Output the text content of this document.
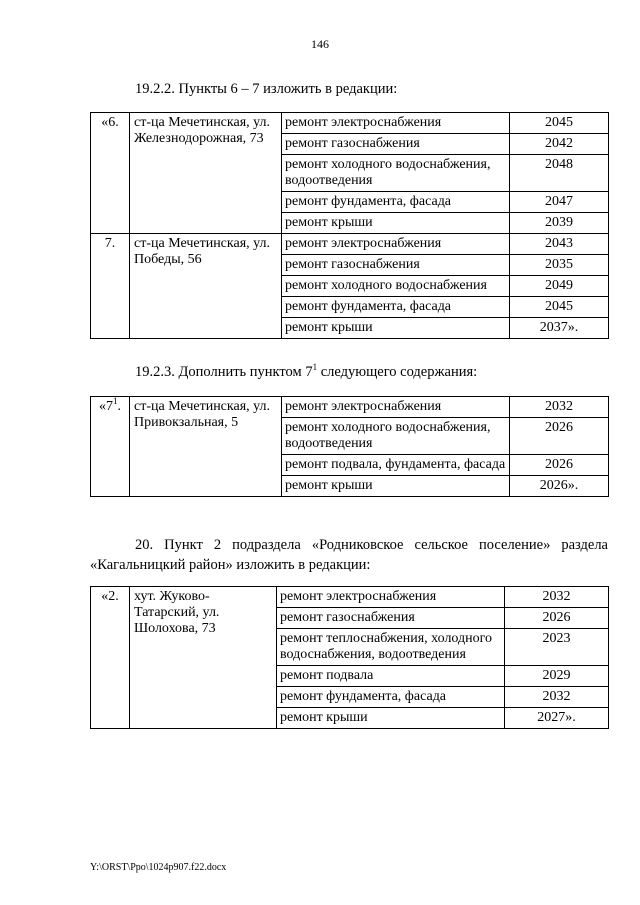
146
19.2.2. Пункты 6 – 7 изложить в редакции:
«6.	ст-ца Мечетинская, ул. Железнодорожная, 73	ремонт электроснабжения	2045
		ремонт газоснабжения	2042
		ремонт холодного водоснабжения, водоотведения	2048
		ремонт фундамента, фасада	2047
		ремонт крыши	2039
7.	ст-ца Мечетинская, ул. Победы, 56	ремонт электроснабжения	2043
		ремонт газоснабжения	2035
		ремонт холодного водоснабжения	2049
		ремонт фундамента, фасада	2045
		ремонт крыши	2037».
19.2.3. Дополнить пунктом $7^1$ следующего содержания:
«$7^1$.	ст-ца Мечетинская, ул. Привокзальная, 5	ремонт электроснабжения	2032
		ремонт холодного водоснабжения, водоотведения	2026
		ремонт подвала, фундамента, фасада	2026
		ремонт крыши	2026».
20. Пункт 2 подраздела «Родниковское сельское поселение» раздела
«Кагальницкий район» изложить в редакции:
«2.	хут. Жуково-Татарский, ул. Шолохова, 73	ремонт электроснабжения	2032
		ремонт газоснабжения	2026
		ремонт теплоснабжения, холодного водоснабжения, водоотведения	2023
		ремонт подвала	2029
		ремонт фундамента, фасада	2032
		ремонт крыши	2027».
Y:\ORST\Ppo\1024p907.f22.docx
